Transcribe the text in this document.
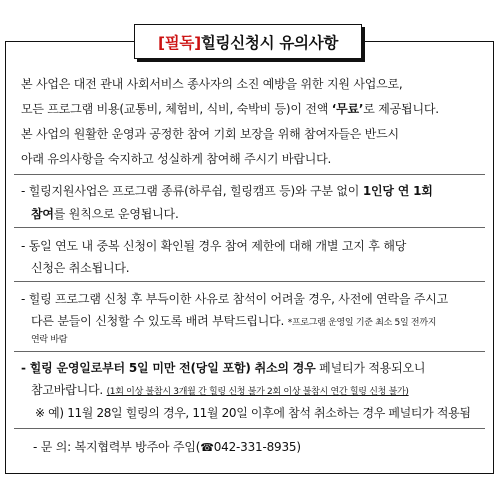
[필독] 힐링신청시 유의사항
본 사업은 대전 관내 사회서비스 종사자의 소진 예방을 위한 지원 사업으로,
모든 프로그램 비용(교통비, 체험비, 식비, 숙박비 등)이 전액 ‘무료’로 제공됩니다.
본 사업의 원활한 운영과 공정한 참여 기회 보장을 위해 참여자들은 반드시
아래 유의사항을 숙지하고 성실하게 참여해 주시기 바랍니다.
- 힐링지원사업은 프로그램 종류(하루쉼, 힐링캠프 등)와 구분 없이 1인당 연 1회
참여를 원칙으로 운영됩니다.
- 동일 연도 내 중복 신청이 확인될 경우 참여 제한에 대해 개별 고지 후 해당
신청은 취소됩니다.
- 힐링 프로그램 신청 후 부득이한 사유로 참석이 어려울 경우, 사전에 연락을 주시고
다른 분들이 신청할 수 있도록 배려 부탁드립니다. *프로그램 운영일 기준 최소 5일 전까지
연락 바람
- 힐링 운영일로부터 5일 미만 전(당일 포함) 취소의 경우 페널티가 적용되오니
참고바랍니다. (1회 이상 불참시 3개월 간 힐링 신청 불가 2회 이상 불참시 연간 힐링 신청 불가)
※ 예) 11월 28일 힐링의 경우, 11월 20일 이후에 참석 취소하는 경우 페널티가 적용됨
- 문 의: 복지협력부 방주아 주임(☎042-331-8935)
